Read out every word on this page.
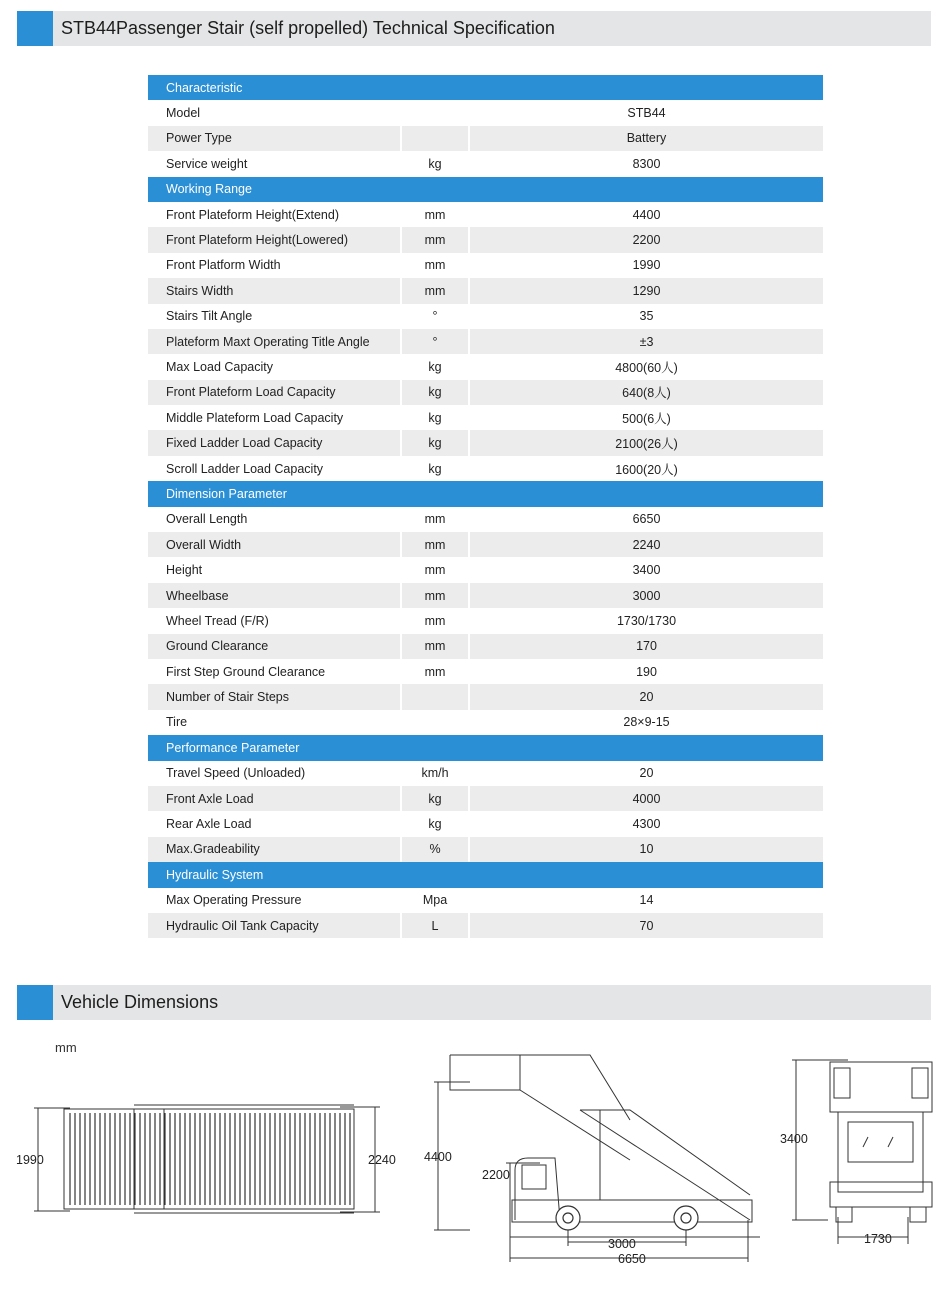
STB44Passenger Stair (self propelled) Technical Specification
Characteristic		
Model		STB44
Power Type		Battery
Service weight	kg	8300
Working Range		
Front Plateform Height(Extend)	mm	4400
Front Plateform Height(Lowered)	mm	2200
Front Platform Width	mm	1990
Stairs Width	mm	1290
Stairs Tilt Angle	°	35
Plateform Maxt Operating Title Angle	°	±3
Max Load Capacity	kg	4800(60人)
Front Plateform Load Capacity	kg	640(8人)
Middle Plateform Load Capacity	kg	500(6人)
Fixed Ladder Load Capacity	kg	2100(26人)
Scroll Ladder Load Capacity	kg	1600(20人)
Dimension Parameter		
Overall Length	mm	6650
Overall Width	mm	2240
Height	mm	3400
Wheelbase	mm	3000
Wheel Tread (F/R)	mm	1730/1730
Ground Clearance	mm	170
First Step Ground Clearance	mm	190
Number of Stair Steps		20
Tire		28×9-15
Performance Parameter		
Travel Speed (Unloaded)	km/h	20
Front Axle Load	kg	4000
Rear Axle Load	kg	4300
Max.Gradeability	%	10
Hydraulic System		
Max Operating Pressure	Mpa	14
Hydraulic Oil Tank Capacity	L	70
Vehicle Dimensions
mm
1990	2240 4400
2200
3000
6650
3400
1730
